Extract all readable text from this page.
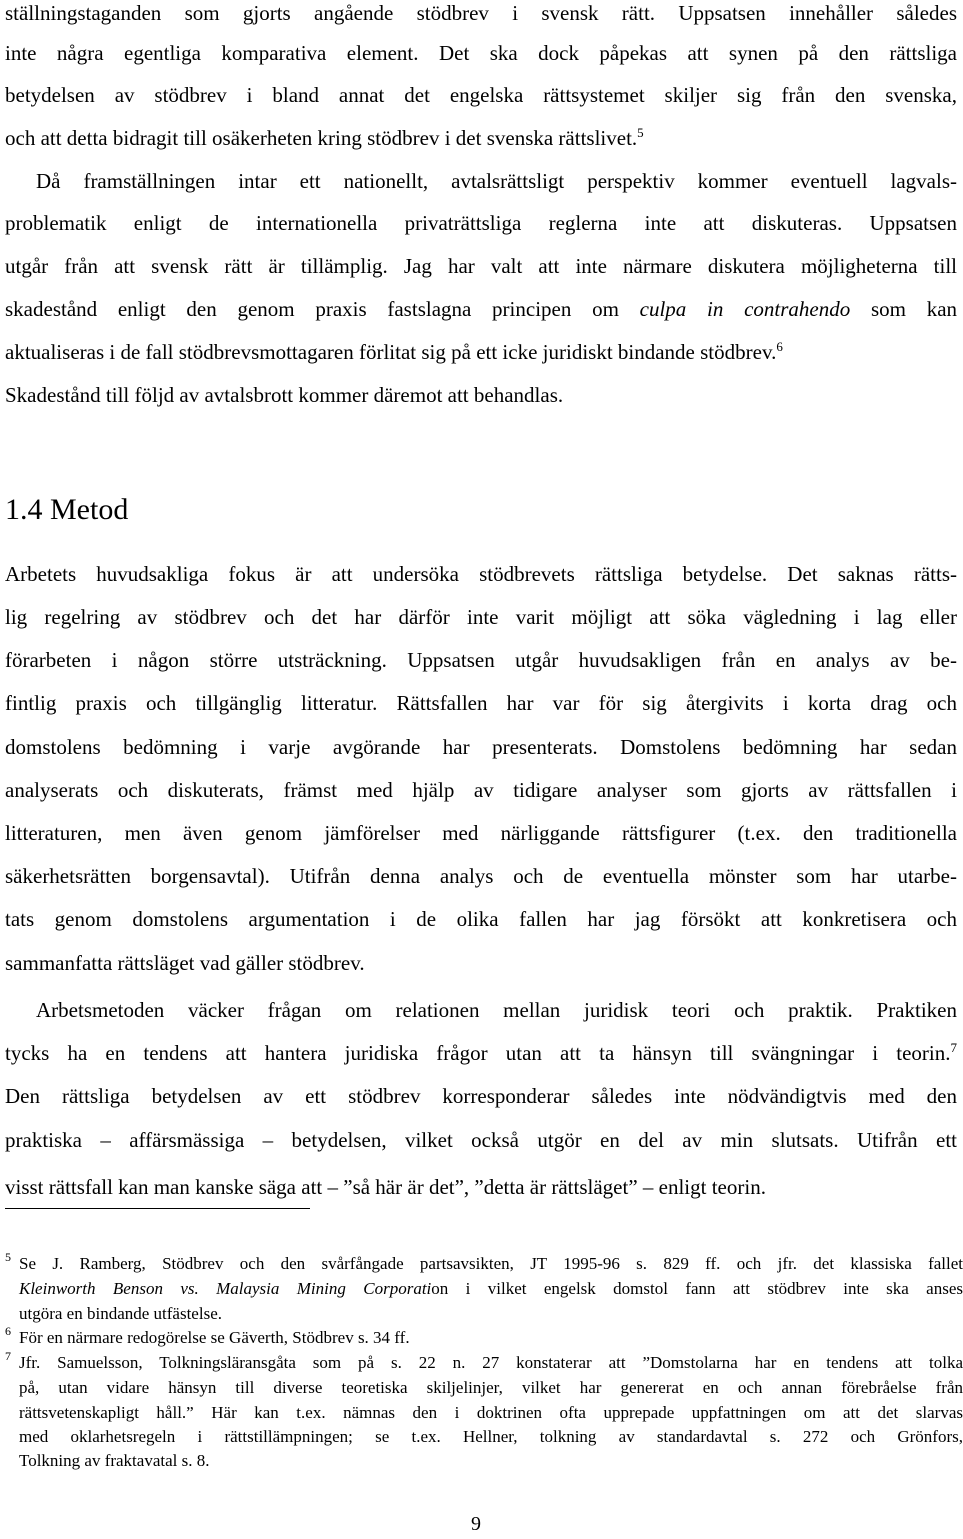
ställningstaganden som gjorts angående stödbrev i svensk rätt. Uppsatsen innehåller således
inte några egentliga komparativa element. Det ska dock påpekas att synen på den rättsliga
betydelsen av stödbrev i bland annat det engelska rättsystemet skiljer sig från den svenska,
och att detta bidragit till osäkerheten kring stödbrev i det svenska rättslivet.$^5$
Då framställningen intar ett nationellt, avtalsrättsligt perspektiv kommer eventuell lagvals-
problematik enligt de internationella privaträttsliga reglerna inte att diskuteras. Uppsatsen
utgår från att svensk rätt är tillämplig. Jag har valt att inte närmare diskutera möjligheterna till
skadestånd enligt den genom praxis fastslagna principen om culpa in contrahendo som kan
aktualiseras i de fall stödbrevsmottagaren förlitat sig på ett icke juridiskt bindande stödbrev.$^6$
Skadestånd till följd av avtalsbrott kommer däremot att behandlas.
1.4 Metod
Arbetets huvudsakliga fokus är att undersöka stödbrevets rättsliga betydelse. Det saknas rätts-
lig regelring av stödbrev och det har därför inte varit möjligt att söka vägledning i lag eller
förarbeten i någon större utsträckning. Uppsatsen utgår huvudsakligen från en analys av be-
fintlig praxis och tillgänglig litteratur. Rättsfallen har var för sig återgivits i korta drag och
domstolens bedömning i varje avgörande har presenterats. Domstolens bedömning har sedan
analyserats och diskuterats, främst med hjälp av tidigare analyser som gjorts av rättsfallen i
litteraturen, men även genom jämförelser med närliggande rättsfigurer (t.ex. den traditionella
säkerhetsrätten borgensavtal). Utifrån denna analys och de eventuella mönster som har utarbe-
tats genom domstolens argumentation i de olika fallen har jag försökt att konkretisera och
sammanfatta rättsläget vad gäller stödbrev.
Arbetsmetoden väcker frågan om relationen mellan juridisk teori och praktik. Praktiken
tycks ha en tendens att hantera juridiska frågor utan att ta hänsyn till svängningar i teorin.$^7$
Den rättsliga betydelsen av ett stödbrev korresponderar således inte nödvändigtvis med den
praktiska – affärsmässiga – betydelsen, vilket också utgör en del av min slutsats. Utifrån ett
visst rättsfall kan man kanske säga att – ”så här är det”, ”detta är rättsläget” – enligt teorin.
5 Se J. Ramberg, Stödbrev och den svårfångade partsavsikten, JT 1995-96 s. 829 ff. och jfr. det klassiska fallet
Kleinworth Benson vs. Malaysia Mining Corporation i vilket engelsk domstol fann att stödbrev inte ska anses
utgöra en bindande utfästelse.
6 För en närmare redogörelse se Gäverth, Stödbrev s. 34 ff.
7 Jfr. Samuelsson, Tolkningsläransgåta som på s. 22 n. 27 konstaterar att ”Domstolarna har en tendens att tolka
på, utan vidare hänsyn till diverse teoretiska skiljelinjer, vilket har genererat en och annan förebråelse från
rättsvetenskapligt håll.” Här kan t.ex. nämnas den i doktrinen ofta upprepade uppfattningen om att det slarvas
med oklarhetsregeln i rättstillämpningen; se t.ex. Hellner, tolkning av standardavtal s. 272 och Grönfors,
Tolkning av fraktavatal s. 8.
9
